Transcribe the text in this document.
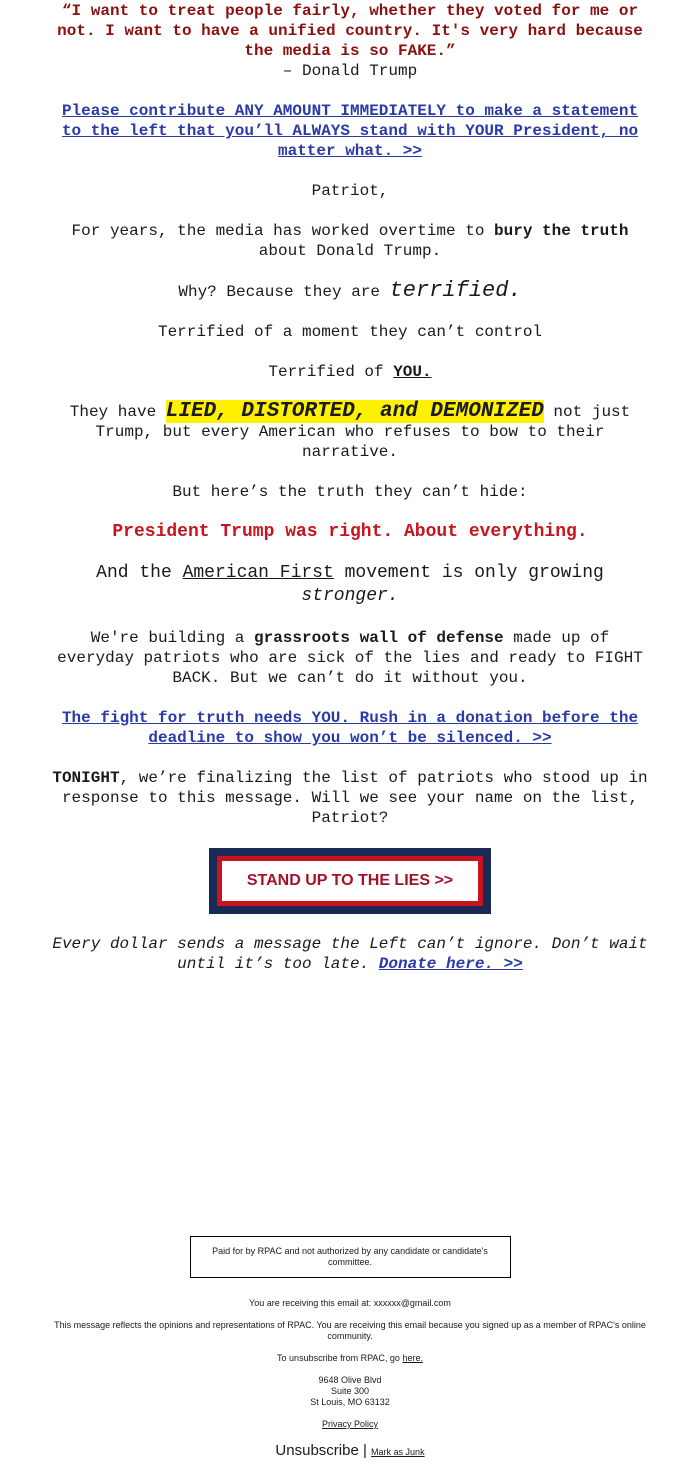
“I want to treat people fairly, whether they voted for me or not. I want to have a unified country. It's very hard because the media is so FAKE.”

– Donald Trump

Please contribute ANY AMOUNT IMMEDIATELY to make a statement to the left that you’ll ALWAYS stand with YOUR President, no matter what. >>

Patriot,

For years, the media has worked overtime to bury the truth about Donald Trump.

Why? Because they are terrified.

Terrified of a moment they can’t control

Terrified of YOU.

They have LIED, DISTORTED, and DEMONIZED not just Trump, but every American who refuses to bow to their narrative.

But here’s the truth they can’t hide:

President Trump was right. About everything.

And the American First movement is only growing stronger.

We're building a grassroots wall of defense made up of everyday patriots who are sick of the lies and ready to FIGHT BACK. But we can’t do it without you.

The fight for truth needs YOU. Rush in a donation before the deadline to show you won’t be silenced. >>

TONIGHT, we’re finalizing the list of patriots who stood up in response to this message. Will we see your name on the list, Patriot?

STAND UP TO THE LIES >>

Every dollar sends a message the Left can’t ignore. Don’t wait until it’s too late. Donate here. >>

Paid for by RPAC and not authorized by any candidate or candidate's committee.
You are receiving this email at: xxxxxx@gmail.com
This message reflects the opinions and representations of RPAC. You are receiving this email because you signed up as a member of RPAC's online community.
To unsubscribe from RPAC, go here.
9648 Olive Blvd
Suite 300
St Louis, MO 63132
Privacy Policy
Unsubscribe | Mark as Junk
